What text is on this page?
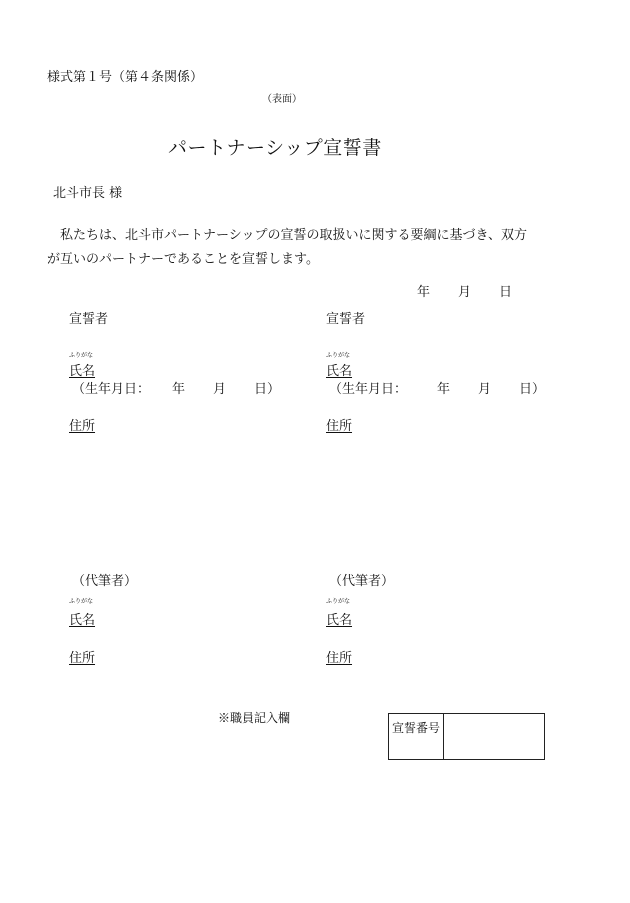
様式第１号（第４条関係）
（表面）
パートナーシップ宣誓書
北斗市長 様
私たちは、北斗市パートナーシップの宣誓の取扱いに関する要綱に基づき、双方
が互いのパートナーであることを宣誓します。
年 月 日
宣誓者
ふりがな
氏名
（生年月日： 年 月 日）
住所
宣誓者
ふりがな
氏名
（生年月日： 年 月 日）
住所
（代筆者）
ふりがな
氏名
住所
（代筆者）
ふりがな
氏名
住所
※職員記入欄
宣誓番号
